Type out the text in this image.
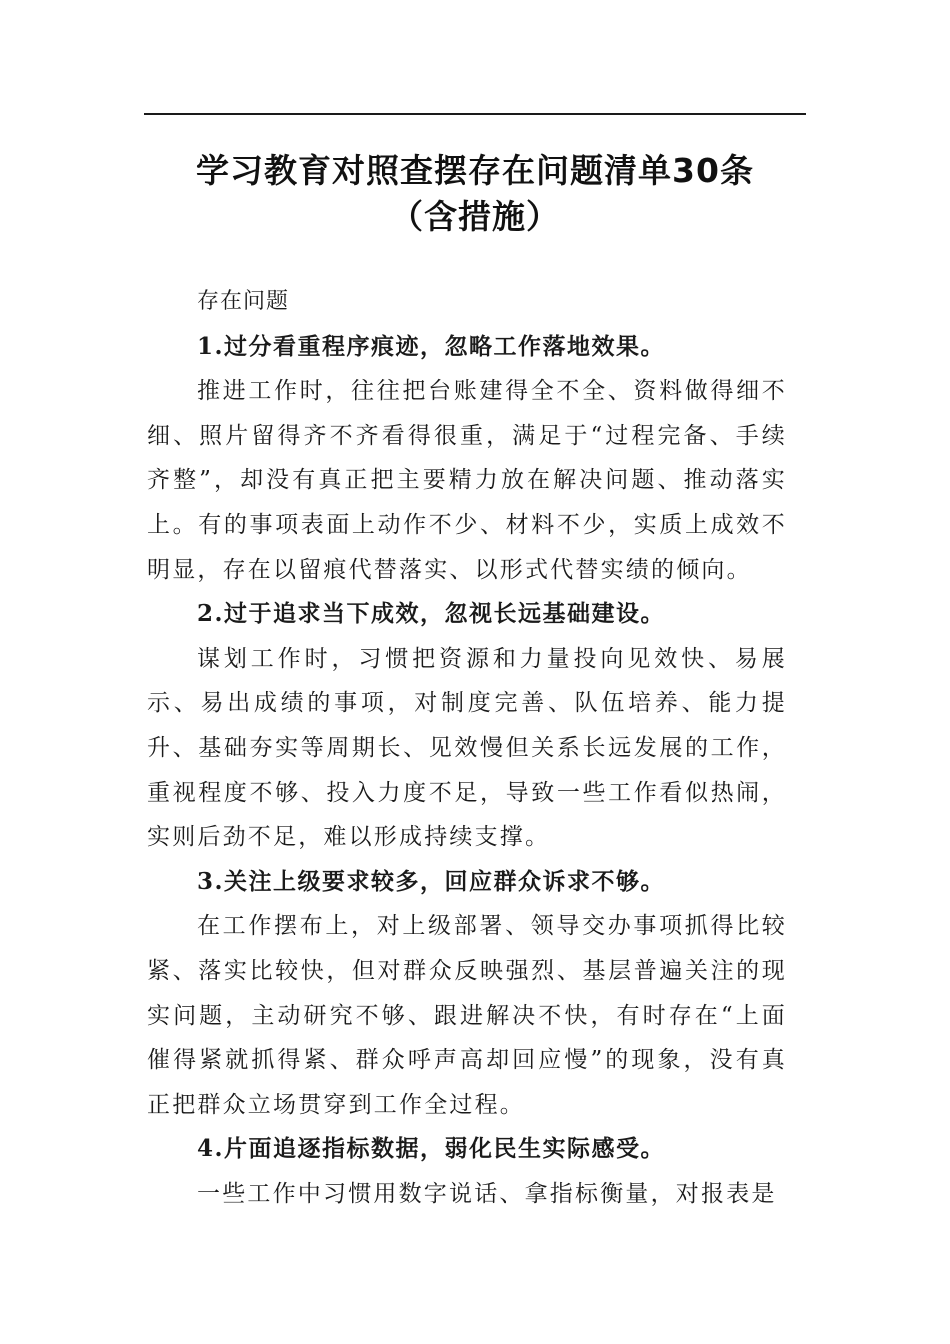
学习教育对照查摆存在问题清单30条
（含措施）

存在问题

1.过分看重程序痕迹，忽略工作落地效果。

推进工作时，往往把台账建得全不全、资料做得细不细、照片留得齐不齐看得很重，满足于“过程完备、手续齐整”，却没有真正把主要精力放在解决问题、推动落实上。有的事项表面上动作不少、材料不少，实质上成效不明显，存在以留痕代替落实、以形式代替实绩的倾向。

2.过于追求当下成效，忽视长远基础建设。

谋划工作时，习惯把资源和力量投向见效快、易展示、易出成绩的事项，对制度完善、队伍培养、能力提升、基础夯实等周期长、见效慢但关系长远发展的工作，重视程度不够、投入力度不足，导致一些工作看似热闹，实则后劲不足，难以形成持续支撑。

3.关注上级要求较多，回应群众诉求不够。

在工作摆布上，对上级部署、领导交办事项抓得比较紧、落实比较快，但对群众反映强烈、基层普遍关注的现实问题，主动研究不够、跟进解决不快，有时存在“上面催得紧就抓得紧、群众呼声高却回应慢”的现象，没有真正把群众立场贯穿到工作全过程。

4.片面追逐指标数据，弱化民生实际感受。

一些工作中习惯用数字说话、拿指标衡量，对报表是
